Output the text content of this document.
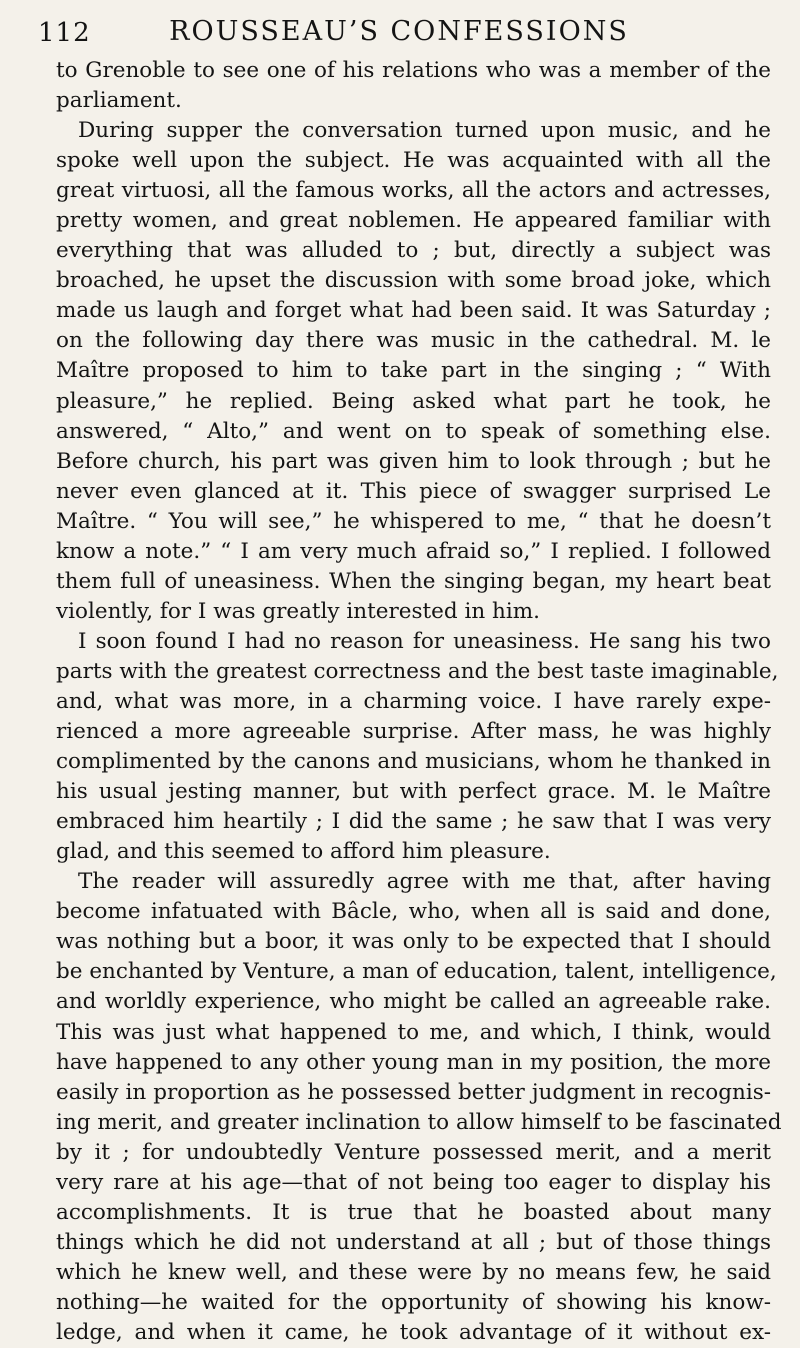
112	ROUSSEAU’S CONFESSIONS
to Grenoble to see one of his relations who was a member of the
parliament.
During supper the conversation turned upon music, and he
spoke well upon the subject. He was acquainted with all the
great virtuosi, all the famous works, all the actors and actresses,
pretty women, and great noblemen. He appeared familiar with
everything that was alluded to ; but, directly a subject was
broached, he upset the discussion with some broad joke, which
made us laugh and forget what had been said. It was Saturday ;
on the following day there was music in the cathedral. M. le
Maître proposed to him to take part in the singing ; “ With
pleasure,” he replied. Being asked what part he took, he
answered, “ Alto,” and went on to speak of something else.
Before church, his part was given him to look through ; but he
never even glanced at it. This piece of swagger surprised Le
Maître. “ You will see,” he whispered to me, “ that he doesn’t
know a note.” “ I am very much afraid so,” I replied. I followed
them full of uneasiness. When the singing began, my heart beat
violently, for I was greatly interested in him.
I soon found I had no reason for uneasiness. He sang his two
parts with the greatest correctness and the best taste imaginable,
and, what was more, in a charming voice. I have rarely expe-
rienced a more agreeable surprise. After mass, he was highly
complimented by the canons and musicians, whom he thanked in
his usual jesting manner, but with perfect grace. M. le Maître
embraced him heartily ; I did the same ; he saw that I was very
glad, and this seemed to afford him pleasure.
The reader will assuredly agree with me that, after having
become infatuated with Bâcle, who, when all is said and done,
was nothing but a boor, it was only to be expected that I should
be enchanted by Venture, a man of education, talent, intelligence,
and worldly experience, who might be called an agreeable rake.
This was just what happened to me, and which, I think, would
have happened to any other young man in my position, the more
easily in proportion as he possessed better judgment in recognis-
ing merit, and greater inclination to allow himself to be fascinated
by it ; for undoubtedly Venture possessed merit, and a merit
very rare at his age—that of not being too eager to display his
accomplishments. It is true that he boasted about many
things which he did not understand at all ; but of those things
which he knew well, and these were by no means few, he said
nothing—he waited for the opportunity of showing his know-
ledge, and when it came, he took advantage of it without ex-
